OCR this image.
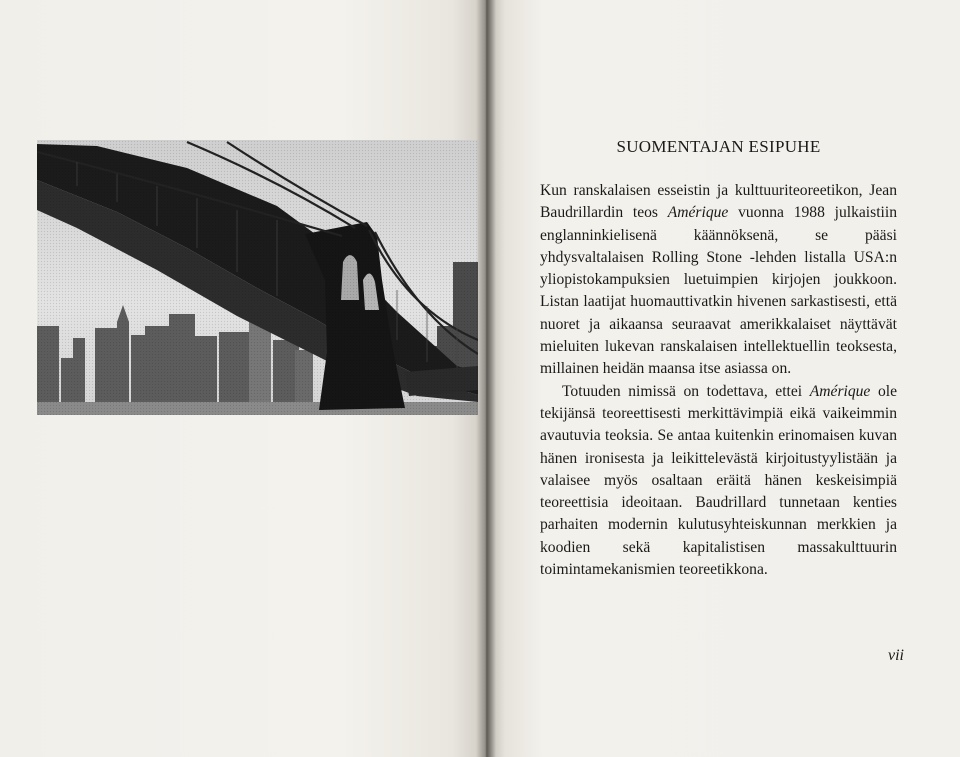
SUOMENTAJAN ESIPUHE

Kun ranskalaisen esseistin ja kulttuuriteoreetikon, Jean Baudrillardin teos Amérique vuonna 1988 julkaistiin englanninkielisenä käännöksenä, se pääsi yhdysvaltalaisen Rolling Stone -lehden listalla USA:n yliopistokampuksien luetuimpien kirjojen joukkoon. Listan laatijat huomauttivatkin hivenen sarkastisesti, että nuoret ja aikaansa seuraavat amerikkalaiset näyttävät mieluiten lukevan ranskalaisen intellektuellin teoksesta, millainen heidän maansa itse asiassa on.

Totuuden nimissä on todettava, ettei Amérique ole tekijänsä teoreettisesti merkittävimpiä eikä vaikeimmin avautuvia teoksia. Se antaa kuitenkin erinomaisen kuvan hänen ironisesta ja leikittelevästä kirjoitustyylistään ja valaisee myös osaltaan eräitä hänen keskeisimpiä teoreettisia ideoitaan. Baudrillard tunnetaan kenties parhaiten modernin kulutusyhteiskunnan merkkien ja koodien sekä kapitalistisen massakulttuurin toimintamekanismien teoreetikkona.

vii
